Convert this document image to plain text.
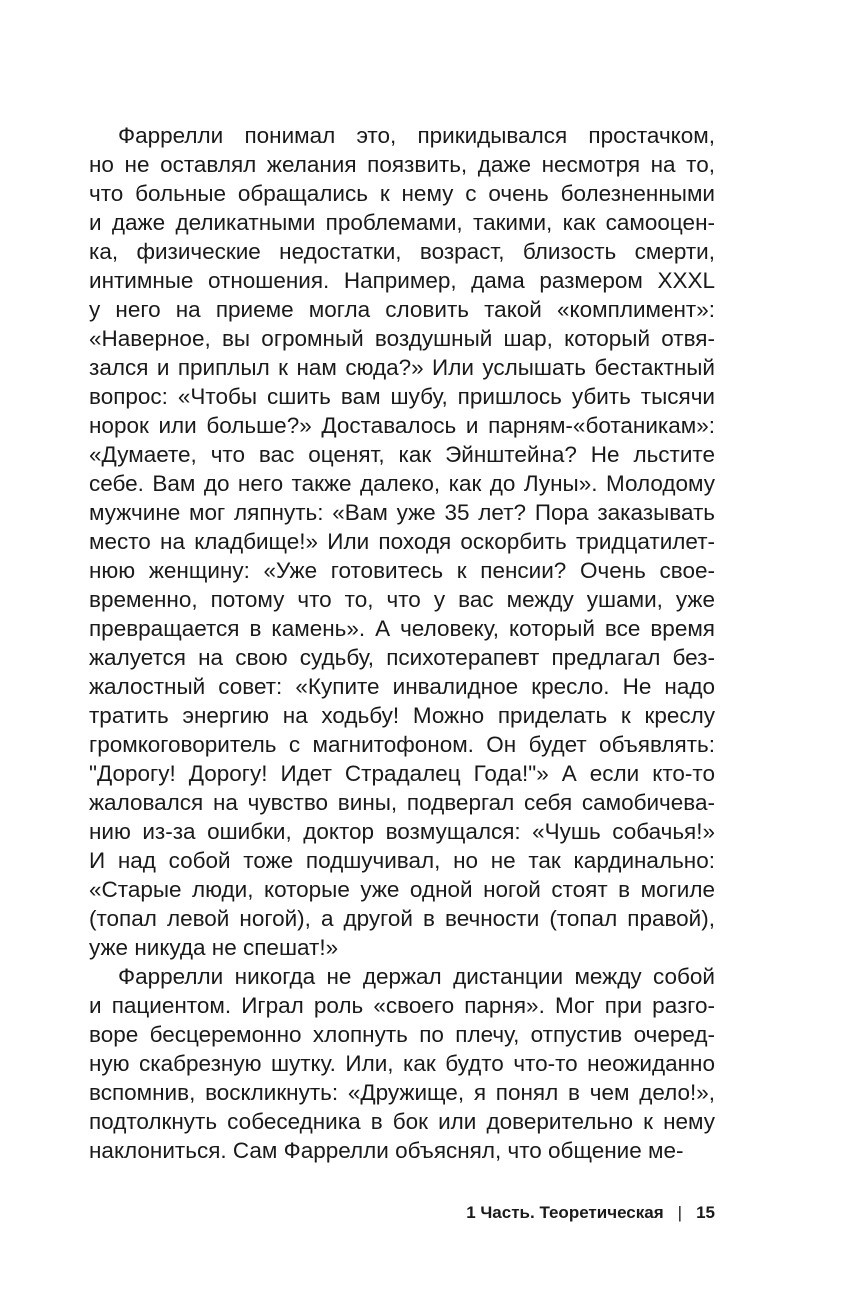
Фаррелли понимал это, прикидывался простачком,
но не оставлял желания поязвить, даже несмотря на то,
что больные обращались к нему с очень болезненными
и даже деликатными проблемами, такими, как самооцен-
ка, физические недостатки, возраст, близость смерти,
интимные отношения. Например, дама размером XXXL
у него на приеме могла словить такой «комплимент»:
«Наверное, вы огромный воздушный шар, который отвя-
зался и приплыл к нам сюда?» Или услышать бестактный
вопрос: «Чтобы сшить вам шубу, пришлось убить тысячи
норок или больше?» Доставалось и парням-«ботаникам»:
«Думаете, что вас оценят, как Эйнштейна? Не льстите
себе. Вам до него также далеко, как до Луны». Молодому
мужчине мог ляпнуть: «Вам уже 35 лет? Пора заказывать
место на кладбище!» Или походя оскорбить тридцатилет-
нюю женщину: «Уже готовитесь к пенсии? Очень свое-
временно, потому что то, что у вас между ушами, уже
превращается в камень». А человеку, который все время
жалуется на свою судьбу, психотерапевт предлагал без-
жалостный совет: «Купите инвалидное кресло. Не надо
тратить энергию на ходьбу! Можно приделать к креслу
громкоговоритель с магнитофоном. Он будет объявлять:
"Дорогу! Дорогу! Идет Страдалец Года!"» А если кто-то
жаловался на чувство вины, подвергал себя самобичева-
нию из-за ошибки, доктор возмущался: «Чушь собачья!»
И над собой тоже подшучивал, но не так кардинально:
«Старые люди, которые уже одной ногой стоят в могиле
(топал левой ногой), а другой в вечности (топал правой),
уже никуда не спешат!»
Фаррелли никогда не держал дистанции между собой
и пациентом. Играл роль «своего парня». Мог при разго-
воре бесцеремонно хлопнуть по плечу, отпустив очеред-
ную скабрезную шутку. Или, как будто что-то неожиданно
вспомнив, воскликнуть: «Дружище, я понял в чем дело!»,
подтолкнуть собеседника в бок или доверительно к нему
наклониться. Сам Фаррелли объяснял, что общение ме-
1 Часть. Теоретическая | 15
